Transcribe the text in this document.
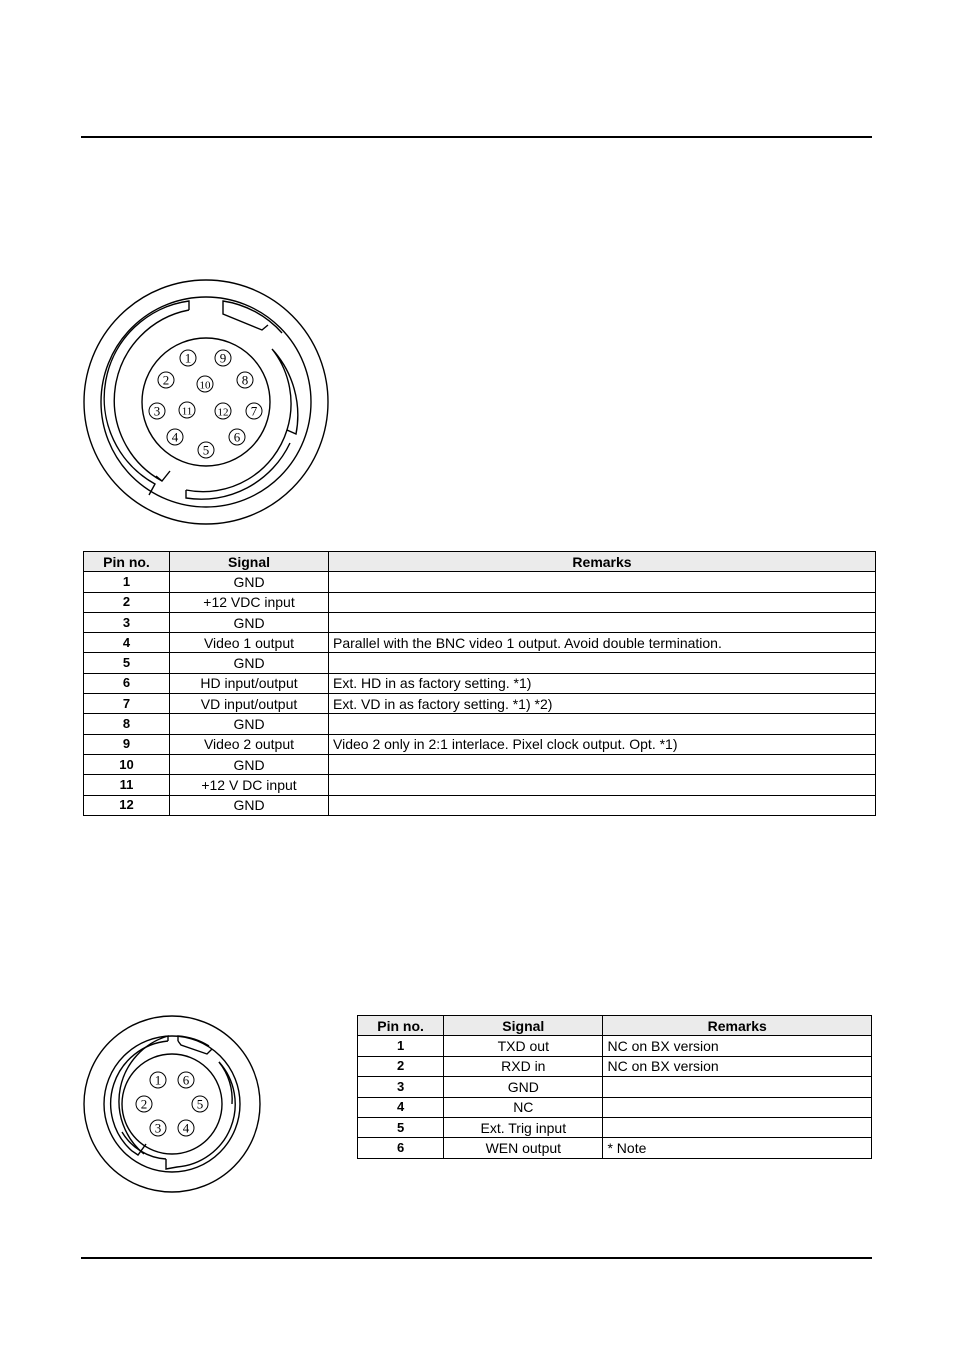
1
2
3
4
5
6
7
8
9
10
11 12
Pin no.	Signal	Remarks
1	GND	
2	+12 VDC input	
3	GND	
4	Video 1 output	Parallel with the BNC video 1 output. Avoid double termination.
5	GND	
6	HD input/output	Ext. HD in as factory setting. *1)
7	VD input/output	Ext. VD in as factory setting. *1) *2)
8	GND	
9	Video 2 output	Video 2 only in 2:1 interlace. Pixel clock output. Opt. *1)
10	GND	
11	+12 V DC input	
12	GND	
1
2
3 4
5
6
Pin no.	Signal	Remarks
1	TXD out	NC on BX version
2	RXD in	NC on BX version
3	GND	
4	NC	
5	Ext. Trig input	
6	WEN output	* Note
